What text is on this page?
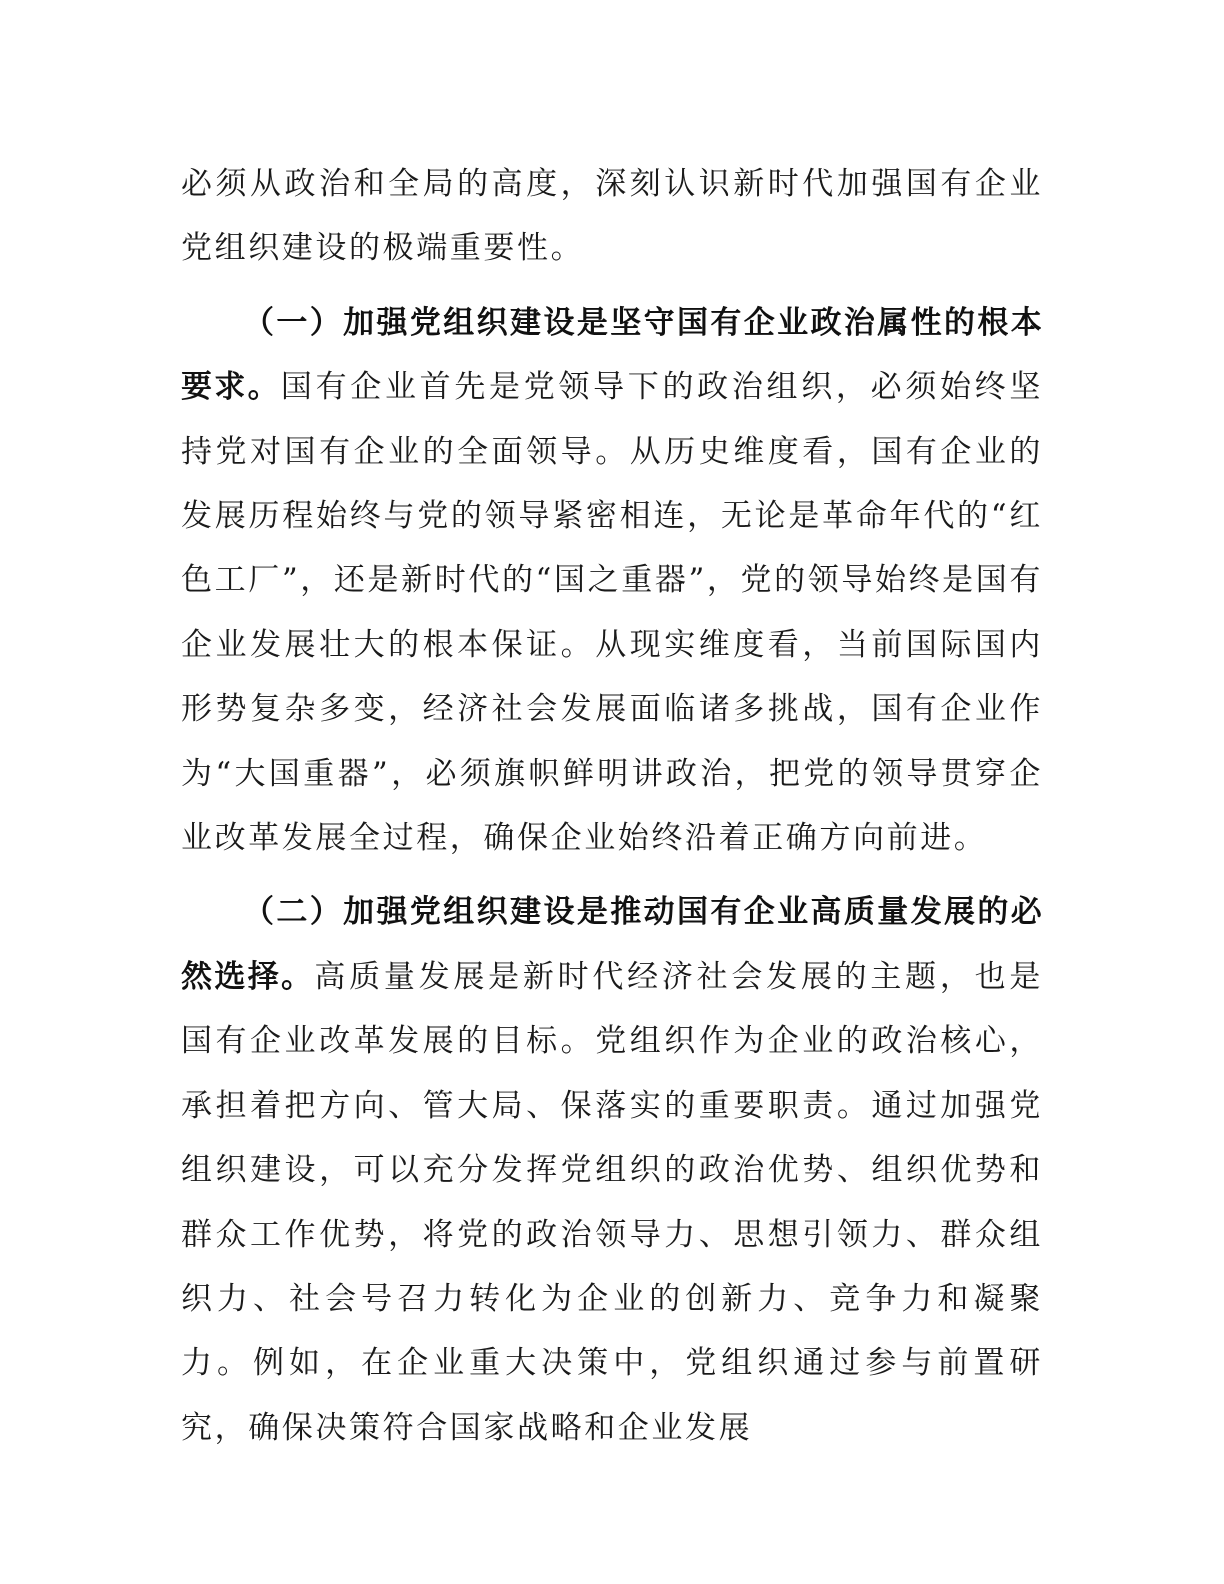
必须从政治和全局的高度，深刻认识新时代加强国有企业党组织建设的极端重要性。

（一）加强党组织建设是坚守国有企业政治属性的根本要求。国有企业首先是党领导下的政治组织，必须始终坚持党对国有企业的全面领导。从历史维度看，国有企业的发展历程始终与党的领导紧密相连，无论是革命年代的“红色工厂”，还是新时代的“国之重器”，党的领导始终是国有企业发展壮大的根本保证。从现实维度看，当前国际国内形势复杂多变，经济社会发展面临诸多挑战，国有企业作为“大国重器”，必须旗帜鲜明讲政治，把党的领导贯穿企业改革发展全过程，确保企业始终沿着正确方向前进。

（二）加强党组织建设是推动国有企业高质量发展的必然选择。高质量发展是新时代经济社会发展的主题，也是国有企业改革发展的目标。党组织作为企业的政治核心，承担着把方向、管大局、保落实的重要职责。通过加强党组织建设，可以充分发挥党组织的政治优势、组织优势和群众工作优势，将党的政治领导力、思想引领力、群众组织力、社会号召力转化为企业的创新力、竞争力和凝聚力。例如，在企业重大决策中，党组织通过参与前置研究，确保决策符合国家战略和企业发展
